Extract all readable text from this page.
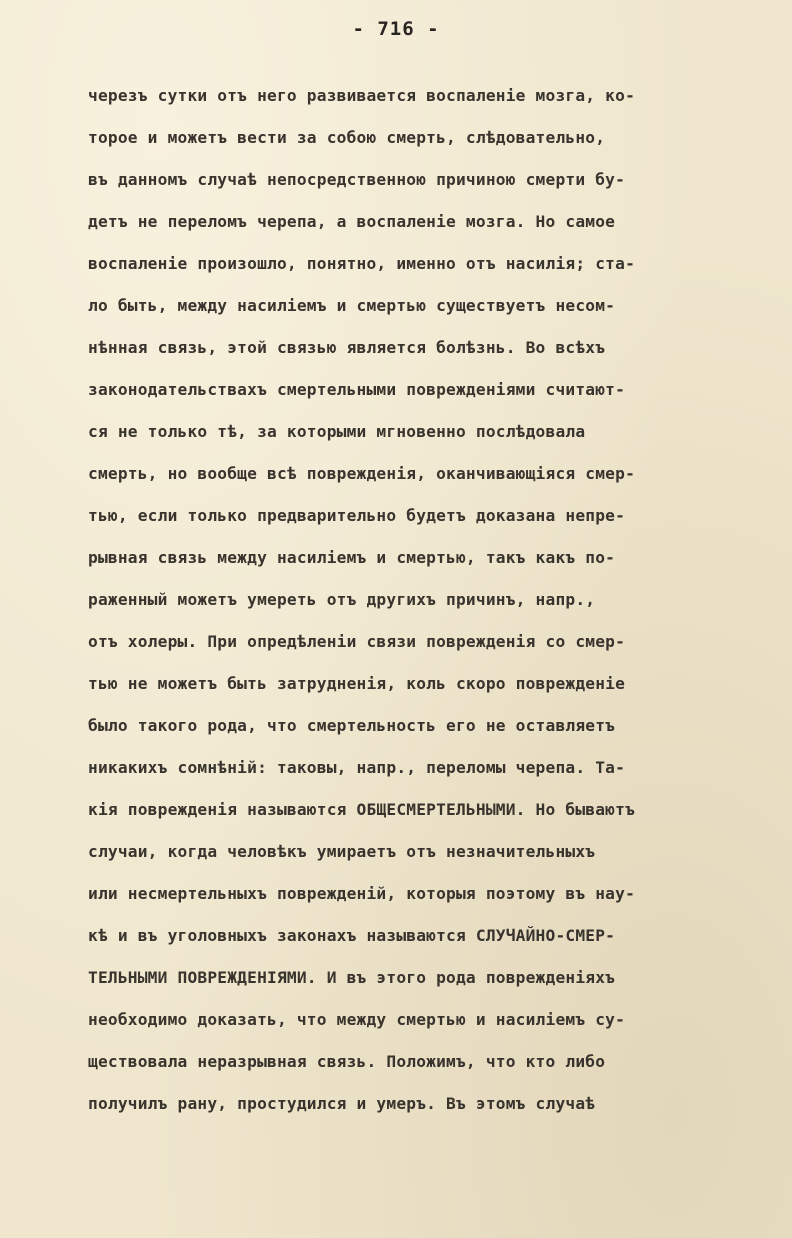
- 716 -
черезъ сутки отъ него развивается воспаленіе мозга, ко-
торое и можетъ вести за собою смерть, слѣдовательно,
въ данномъ случаѣ непосредственною причиною смерти бу-
детъ не переломъ черепа, а воспаленіе мозга. Но самое
воспаленіе произошло, понятно, именно отъ насилія; ста-
ло быть, между насиліемъ и смертью существуетъ несом-
нѣнная связь, этой связью является болѣзнь. Во всѣхъ
законодательствахъ смертельными поврежденіями считают-
ся не только тѣ, за которыми мгновенно послѣдовала
смерть, но вообще всѣ поврежденія, оканчивающіяся смер-
тью, если только предварительно будетъ доказана непре-
рывная связь между насиліемъ и смертью, такъ какъ по-
раженный можетъ умереть отъ другихъ причинъ, напр.,
отъ холеры. При опредѣленіи связи поврежденія со смер-
тью не можетъ быть затрудненія, коль скоро поврежденіе
было такого рода, что смертельность его не оставляетъ
никакихъ сомнѣній: таковы, напр., переломы черепа. Та-
кія поврежденія называются ОБЩЕСМЕРТЕЛЬНЫМИ. Но бываютъ
случаи, когда человѣкъ умираетъ отъ незначительныхъ
или несмертельныхъ поврежденій, которыя поэтому въ нау-
кѣ и въ уголовныхъ законахъ называются СЛУЧАЙНО-СМЕР-
ТЕЛЬНЫМИ ПОВРЕЖДЕНІЯМИ. И въ этого рода поврежденіяхъ
необходимо доказать, что между смертью и насиліемъ су-
ществовала неразрывная связь. Положимъ, что кто либо
получилъ рану, простудился и умеръ. Въ этомъ случаѣ
